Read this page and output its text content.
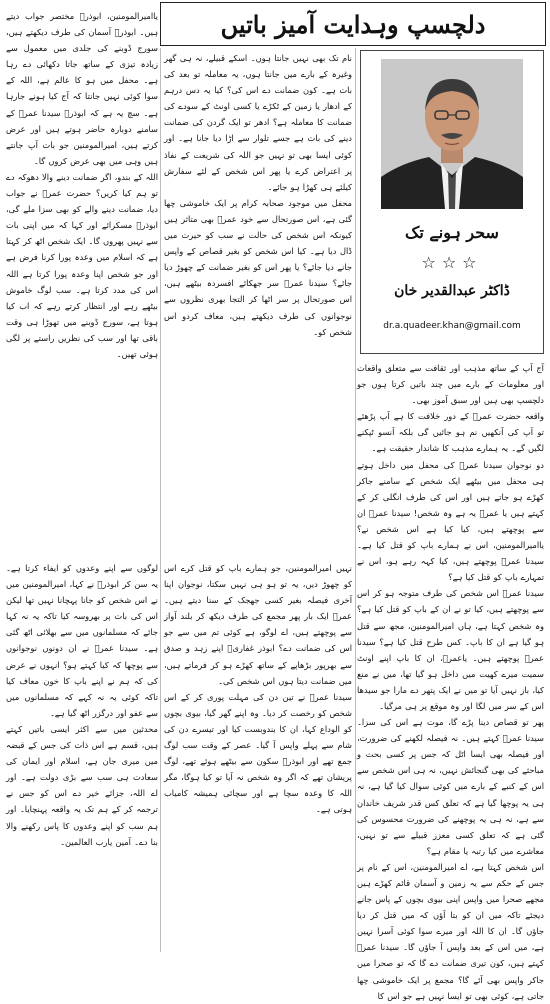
دلچسپ وہدایت آمیز باتیں
سحر ہونے تک
☆☆☆
ڈاکٹر عبدالقدیر خان
dr.a.quadeer.khan@gmail.com

آج آپ کے ساتھ مذہب اور ثقافت سے متعلق واقعات اور معلومات کے بارے میں چند باتیں کرتا ہوں جو دلچسپ بھی ہیں اور سبق آموز بھی۔

واقعہ حضرت عمرؓ کے دور خلافت کا ہے آپ پڑھئے تو آپ کی آنکھیں نم ہو جائیں گی بلکہ آنسو ٹپکنے لگیں گے۔ یہ ہمارے مذہب کا شاندار حقیقت ہے۔

دو نوجوان سیدنا عمرؓ کی محفل میں داخل ہوتے ہی محفل میں بیٹھے ایک شخص کے سامنے جاکر کھڑے ہو جاتے ہیں اور اس کی طرف انگلی کر کے کہتے ہیں یا عمرؓ یہ ہے وہ شخص! سیدنا عمرؓ ان سے پوچھتے ہیں، کیا کیا ہے اس شخص نے؟ یاامیرالمومنین، اس نے ہمارے باپ کو قتل کیا ہے۔ سیدنا عمرؓ پوچھتے ہیں، کیا کہہ رہے ہو، اس نے تمہارے باپ کو قتل کیا ہے؟

سیدنا عمرؓ اس شخص کی طرف متوجہ ہو کر اس سے پوچھتے ہیں، کیا تو نے ان کے باپ کو قتل کیا ہے؟ وہ شخص کہتا ہے، ہاں امیرالمومنین، مجھ سے قتل ہو گیا ہے ان کا باپ۔ کس طرح قتل کیا ہے؟ سیدنا عمرؓ پوچھتے ہیں۔ یاعمرؓ، ان کا باپ اپنے اونٹ سمیت میرے کھیت میں داخل ہو گیا تھا، میں نے منع کیا، باز نہیں آیا تو میں نے ایک پتھر دے مارا جو سیدھا اس کے سر میں لگا اور وہ موقع پر ہی مرگیا۔

پھر تو قصاص دینا پڑے گا، موت ہے اس کی سزا۔ سیدنا عمرؓ کہتے ہیں۔ نہ فیصلہ لکھنے کی ضرورت، اور فیصلہ بھی ایسا اٹل کہ جس پر کسی بحث و مباحثے کی بھی گنجائش نہیں، نہ ہی اس شخص سے اس کے کنبے کے بارے میں کوئی سوال کیا گیا ہے، نہ ہی یہ پوچھا گیا ہے کہ تعلق کس قدر شریف خاندان سے ہے، نہ ہی یہ پوچھنے کی ضرورت محسوس کی گئی ہے کہ تعلق کسی معزز قبیلے سے تو نہیں، معاشرے میں کیا رتبہ یا مقام ہے؟

اس شخص کہتا ہے، اے امیرالمومنین، اس کے نام پر جس کے حکم سے یہ زمین و آسمان قائم کھڑے ہیں مجھے صحرا میں واپس اپنی بیوی بچوں کے پاس جانے دیجئے تاکہ میں ان کو بتا آؤں کہ میں قتل کر دیا جاؤں گا۔ ان کا اللہ اور میرے سوا کوئی آسرا نہیں ہے، میں اس کے بعد واپس آ جاؤں گا۔ سیدنا عمرؓ کہتے ہیں، کون تیری ضمانت دے گا کہ تو صحرا میں جاکر واپس بھی آئے گا؟ مجمع پر ایک خاموشی چھا جاتی ہے، کوئی بھی تو ایسا نہیں ہے جو اس کا

نام تک بھی نہیں جانتا ہوں۔ اسکے قبیلے، نہ ہی گھر وغیرہ کے بارے میں جانتا ہوں، یہ معاملہ تو بعد کی بات ہے۔ کون ضمانت دے اس کی؟ کیا یہ دس درہم کے ادھار یا زمین کے ٹکڑے یا کسی اونٹ کے سودے کی ضمانت کا معاملہ ہے؟ ادھر تو ایک گردن کی ضمانت دینے کی بات ہے جسے تلوار سے اڑا دیا جانا ہے۔ اور کوئی ایسا بھی تو نہیں جو اللہ کی شریعت کے نفاذ پر اعتراض کرے یا پھر اس شخص کے لئے سفارش کیلئے ہی کھڑا ہو جائے۔

محفل میں موجود صحابہ کرام پر ایک خاموشی چھا گئی ہے، اس صورتحال سے خود عمرؓ بھی متاثر ہیں کیونکہ اس شخص کی حالت نے سب کو حیرت میں ڈال دیا ہے۔ کیا اس شخص کو بغیر قصاص کے واپس جانے دیا جائے؟ یا پھر اس کو بغیر ضمانت کے چھوڑ دیا جائے؟ سیدنا عمرؓ سر جھکائے افسردہ بیٹھے ہیں، اس صورتحال پر سر اٹھا کر التجا بھری نظروں سے نوجوانوں کی طرف دیکھتے ہیں، معاف کردو اس شخص کو۔

نہیں امیرالمومنین، جو ہمارے باپ کو قتل کرے اس کو چھوڑ دیں، یہ تو ہو ہی نہیں سکتا، نوجوان اپنا آخری فیصلہ بغیر کسی جھجک کے سنا دیتے ہیں۔ عمرؓ ایک بار پھر مجمع کی طرف دیکھ کر بلند آواز سے پوچھتے ہیں، اے لوگو، ہے کوئی تم میں سے جو اس کی ضمانت دے؟ ابوذر غفاریؓ اپنے زہد و صدق سے بھرپور بڑھاپے کے ساتھ کھڑے ہو کر فرماتے ہیں، میں ضمانت دیتا ہوں اس شخص کی۔

سیدنا عمرؓ نے تین دن کی مہلت پوری کر کے اس شخص کو رخصت کر دیا۔ وہ اپنے گھر گیا، بیوی بچوں کو الوداع کہا، ان کا بندوبست کیا اور تیسرے دن کی شام سے پہلے واپس آ گیا۔ عصر کے وقت سب لوگ جمع تھے اور ابوذرؓ سکون سے بیٹھے ہوئے تھے، لوگ پریشان تھے کہ اگر وہ شخص نہ آیا تو کیا ہوگا، مگر اللہ کا وعدہ سچا ہے اور سچائی ہمیشہ کامیاب ہوتی ہے۔

یاامیرالمومنین، ابوذرؓ مختصر جواب دیتے ہیں۔ ابوذرؓ آسمان کی طرف دیکھتے ہیں، سورج ڈوبنے کی جلدی میں معمول سے زیادہ تیزی کے ساتھ جاتا دکھائی دے رہا ہے۔ محفل میں ہو کا عالم ہے، اللہ کے سوا کوئی نہیں جانتا کہ آج کیا ہونے جارہا ہے۔ سچ یہ ہے کہ ابوذرؓ سیدنا عمرؓ کے سامنے دوبارہ حاضر ہوتے ہیں اور عرض کرتے ہیں، امیرالمومنین جو بات آپ جانتے ہیں وہی میں بھی عرض کروں گا۔

اللہ کے بندو، اگر ضمانت دینے والا دھوکہ دے تو ہم کیا کریں؟ حضرت عمرؓ نے جواب دیا، ضمانت دینے والے کو بھی سزا ملے گی، ابوذرؓ مسکرائے اور کہا کہ میں اپنی بات سے نہیں پھروں گا۔ ایک شخص اٹھ کر کہتا ہے کہ اسلام میں وعدہ پورا کرنا فرض ہے اور جو شخص اپنا وعدہ پورا کرتا ہے اللہ اس کی مدد کرتا ہے۔ سب لوگ خاموش بیٹھے رہے اور انتظار کرتے رہے کہ اب کیا ہوتا ہے، سورج ڈوبنے میں تھوڑا ہی وقت باقی تھا اور سب کی نظریں راستے پر لگی ہوئی تھیں۔

لوگوں سے اپنے وعدوں کو ایفاء کرتا ہے۔ یہ سن کر ابوذرؓ نے کہا، امیرالمومنین میں نے اس شخص کو جانا پہچانا نہیں تھا لیکن اس کی بات پر بھروسہ کیا تاکہ یہ نہ کہا جائے کہ مسلمانوں میں سے بھلائی اٹھ گئی ہے۔ سیدنا عمرؓ نے ان دونوں نوجوانوں سے پوچھا کہ کیا کہتے ہو؟ انہوں نے عرض کی کہ ہم نے اپنے باپ کا خون معاف کیا تاکہ کوئی یہ نہ کہے کہ مسلمانوں میں سے عفو اور درگزر اٹھ گیا ہے۔

محدثین میں سے اکثر ایسی باتیں کہتے ہیں، قسم ہے اس ذات کی جس کے قبضہ میں میری جان ہے، اسلام اور ایمان کی سعادت ہی سب سے بڑی دولت ہے۔ اور اے اللہ، جزائے خیر دے اس کو جس نے ترجمہ کر کے ہم تک یہ واقعہ پہنچایا۔ اور ہم سب کو اپنے وعدوں کا پاس رکھنے والا بنا دے۔ آمین یارب العالمین۔
